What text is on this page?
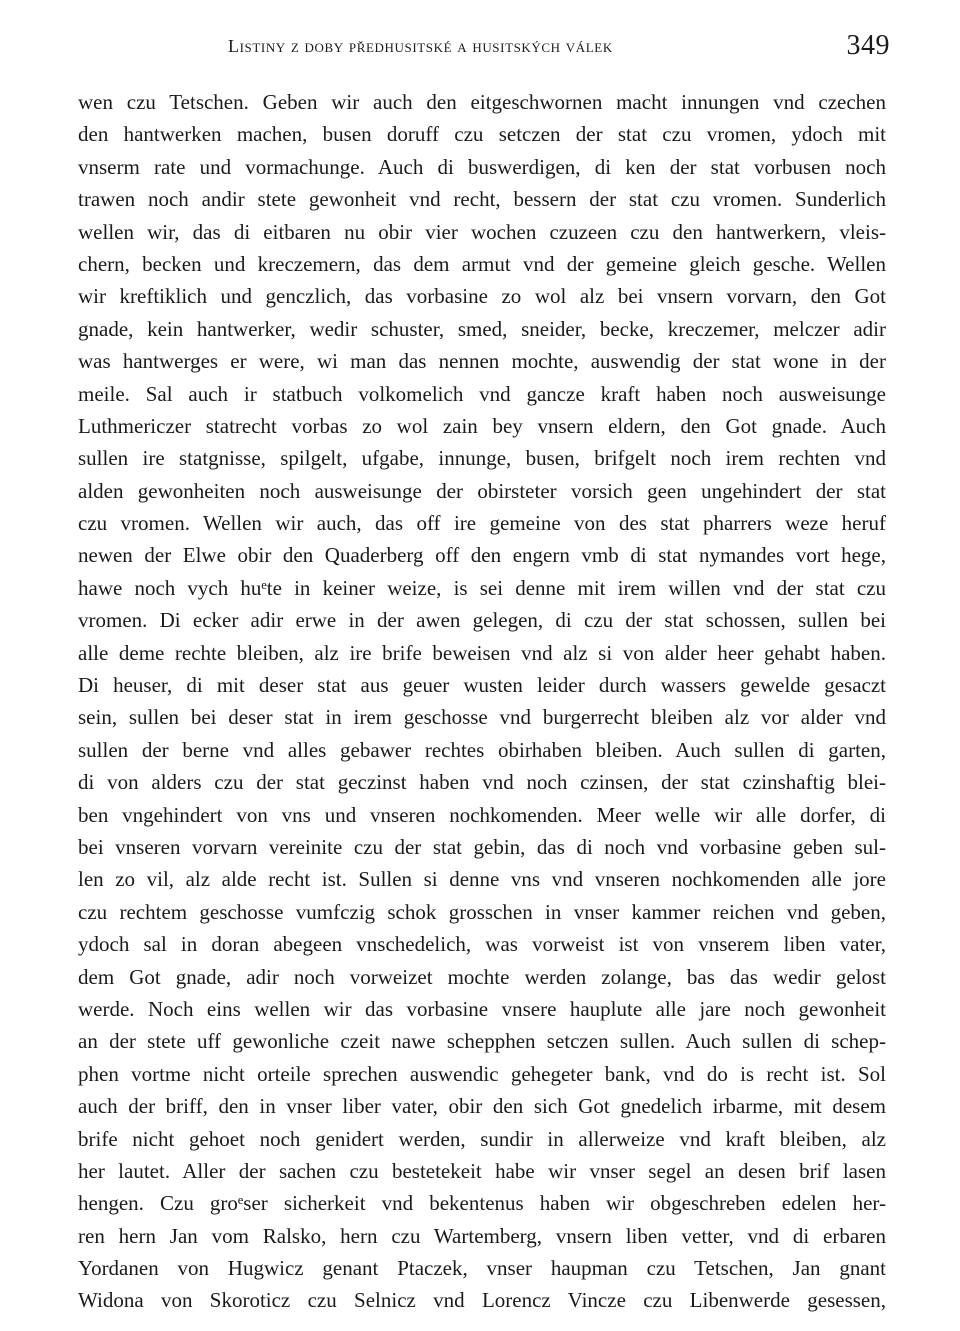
Listiny z doby předhusitské a husitských válek	349
wen czu Tetschen. Geben wir auch den eitgeschwornen macht innungen vnd czechen
den hantwerken machen, busen doruff czu setczen der stat czu vromen, ydoch mit
vnserm rate und vormachunge. Auch di buswerdigen, di ken der stat vorbusen noch
trawen noch andir stete gewonheit vnd recht, bessern der stat czu vromen. Sunderlich
wellen wir, das di eitbaren nu obir vier wochen czuzeen czu den hantwerkern, vleis-
chern, becken und kreczemern, das dem armut vnd der gemeine gleich gesche. Wellen
wir kreftiklich und genczlich, das vorbasine zo wol alz bei vnsern vorvarn, den Got
gnade, kein hantwerker, wedir schuster, smed, sneider, becke, kreczemer, melczer adir
was hantwerges er were, wi man das nennen mochte, auswendig der stat wone in der
meile. Sal auch ir statbuch volkomelich vnd gancze kraft haben noch ausweisunge
Luthmericzer statrecht vorbas zo wol zain bey vnsern eldern, den Got gnade. Auch
sullen ire statgnisse, spilgelt, ufgabe, innunge, busen, brifgelt noch irem rechten vnd
alden gewonheiten noch ausweisunge der obirsteter vorsich geen ungehindert der stat
czu vromen. Wellen wir auch, das off ire gemeine von des stat pharrers weze heruf
newen der Elwe obir den Quaderberg off den engern vmb di stat nymandes vort hege,
hawe noch vych huᵉte in keiner weize, is sei denne mit irem willen vnd der stat czu
vromen. Di ecker adir erwe in der awen gelegen, di czu der stat schossen, sullen bei
alle deme rechte bleiben, alz ire brife beweisen vnd alz si von alder heer gehabt haben.
Di heuser, di mit deser stat aus geuer wusten leider durch wassers gewelde gesaczt
sein, sullen bei deser stat in irem geschosse vnd burgerrecht bleiben alz vor alder vnd
sullen der berne vnd alles gebawer rechtes obirhaben bleiben. Auch sullen di garten,
di von alders czu der stat geczinst haben vnd noch czinsen, der stat czinshaftig blei-
ben vngehindert von vns und vnseren nochkomenden. Meer welle wir alle dorfer, di
bei vnseren vorvarn vereinite czu der stat gebin, das di noch vnd vorbasine geben sul-
len zo vil, alz alde recht ist. Sullen si denne vns vnd vnseren nochkomenden alle jore
czu rechtem geschosse vumfczig schok grosschen in vnser kammer reichen vnd geben,
ydoch sal in doran abegeen vnschedelich, was vorweist ist von vnserem liben vater,
dem Got gnade, adir noch vorweizet mochte werden zolange, bas das wedir gelost
werde. Noch eins wellen wir das vorbasine vnsere hauplute alle jare noch gewonheit
an der stete uff gewonliche czeit nawe schepphen setczen sullen. Auch sullen di schep-
phen vortme nicht orteile sprechen auswendic gehegeter bank, vnd do is recht ist. Sol
auch der briff, den in vnser liber vater, obir den sich Got gnedelich irbarme, mit desem
brife nicht gehoet noch genidert werden, sundir in allerweize vnd kraft bleiben, alz
her lautet. Aller der sachen czu bestetekeit habe wir vnser segel an desen brif lasen
hengen. Czu groᵉser sicherkeit vnd bekentenus haben wir obgeschreben edelen her-
ren hern Jan vom Ralsko, hern czu Wartemberg, vnsern liben vetter, vnd di erbaren
Yordanen von Hugwicz genant Ptaczek, vnser haupman czu Tetschen, Jan gnant
Widona von Skoroticz czu Selnicz vnd Lorencz Vincze czu Libenwerde gesessen,
